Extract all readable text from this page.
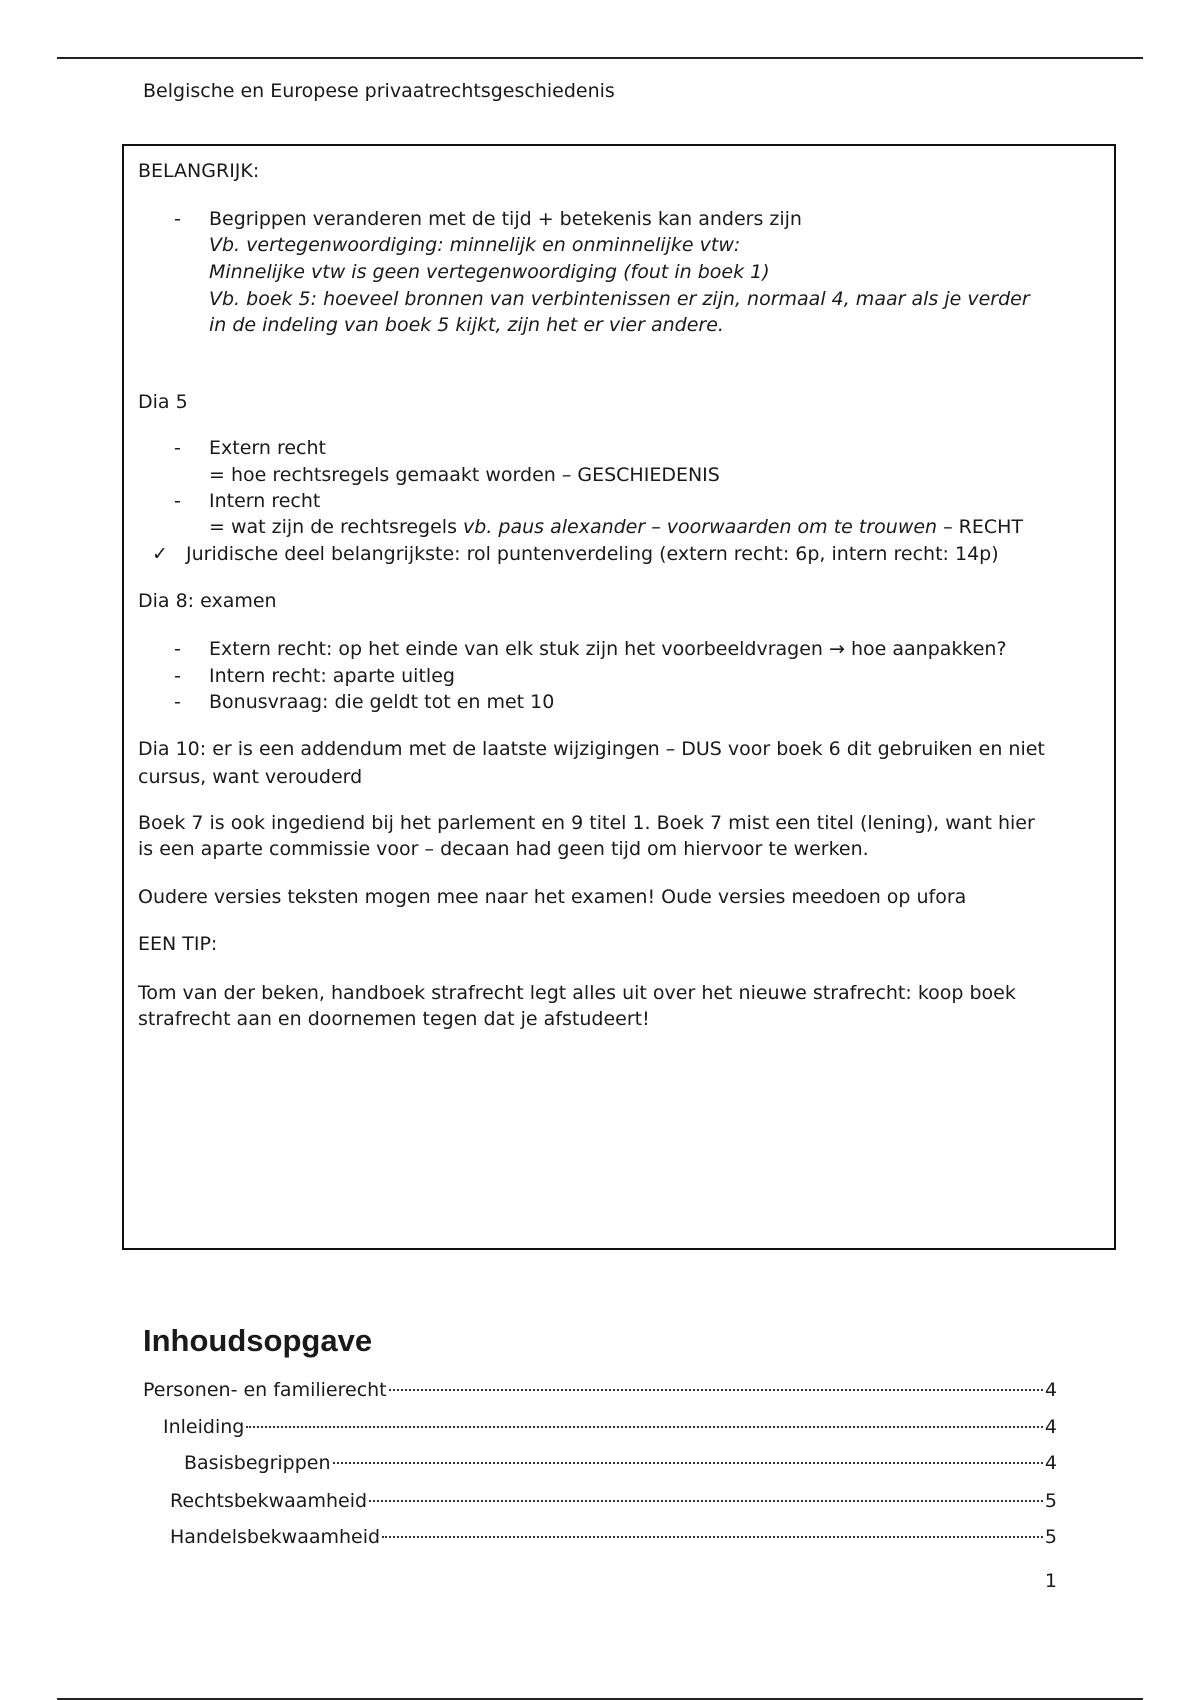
Belgische en Europese privaatrechtsgeschiedenis
BELANGRIJK:
- Begrippen veranderen met de tijd + betekenis kan anders zijn
Vb. vertegenwoordiging: minnelijk en onminnelijke vtw:
Minnelijke vtw is geen vertegenwoordiging (fout in boek 1)
Vb. boek 5: hoeveel bronnen van verbintenissen er zijn, normaal 4, maar als je verder
in de indeling van boek 5 kijkt, zijn het er vier andere.
Dia 5
- Extern recht
= hoe rechtsregels gemaakt worden – GESCHIEDENIS
- Intern recht
= wat zijn de rechtsregels vb. paus alexander – voorwaarden om te trouwen – RECHT
✓ Juridische deel belangrijkste: rol puntenverdeling (extern recht: 6p, intern recht: 14p)
Dia 8: examen
- Extern recht: op het einde van elk stuk zijn het voorbeeldvragen → hoe aanpakken?
- Intern recht: aparte uitleg
- Bonusvraag: die geldt tot en met 10
Dia 10: er is een addendum met de laatste wijzigingen – DUS voor boek 6 dit gebruiken en niet
cursus, want verouderd
Boek 7 is ook ingediend bij het parlement en 9 titel 1. Boek 7 mist een titel (lening), want hier
is een aparte commissie voor – decaan had geen tijd om hiervoor te werken.
Oudere versies teksten mogen mee naar het examen! Oude versies meedoen op ufora
EEN TIP:
Tom van der beken, handboek strafrecht legt alles uit over het nieuwe strafrecht: koop boek
strafrecht aan en doornemen tegen dat je afstudeert!
Inhoudsopgave
Personen- en familierecht	4
Inleiding	4
Basisbegrippen	4
Rechtsbekwaamheid	5
Handelsbekwaamheid	5
1
